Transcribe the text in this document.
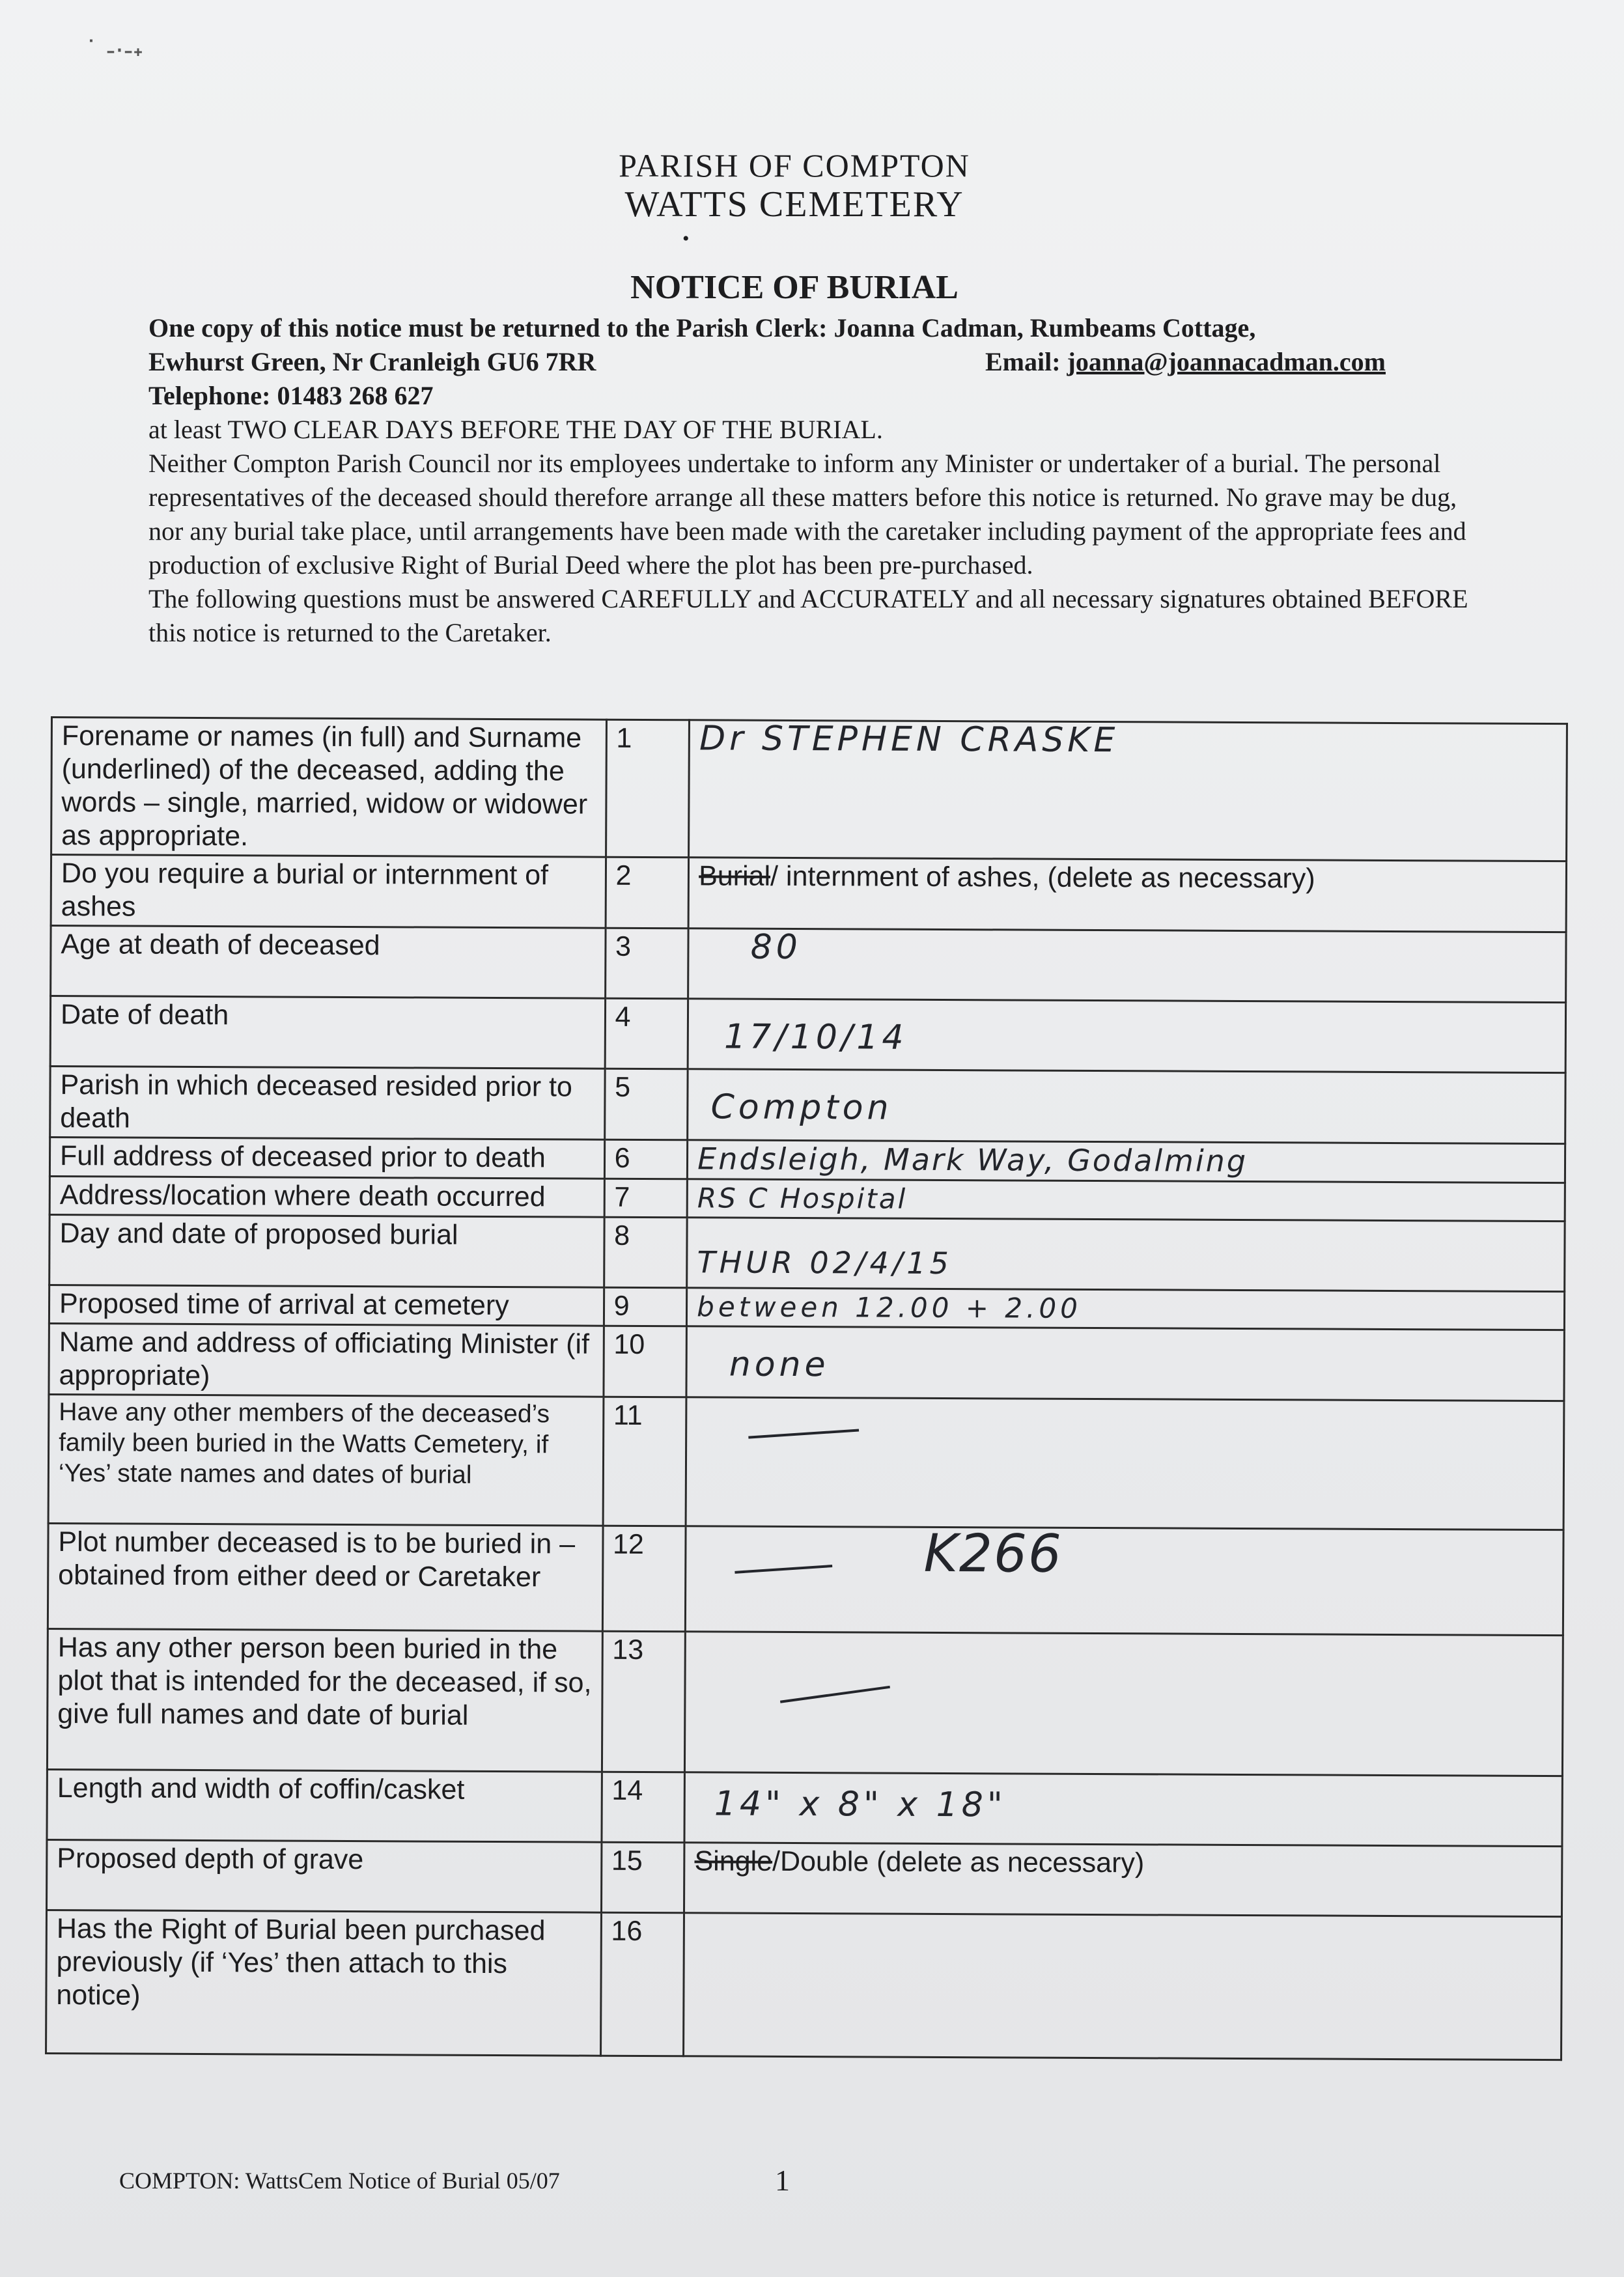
˙ -·-˖
PARISH OF COMPTON
WATTS CEMETERY
•
NOTICE OF BURIAL
One copy of this notice must be returned to the Parish Clerk: Joanna Cadman, Rumbeams Cottage,
Ewhurst Green, Nr Cranleigh GU6 7RR	Email: joanna@joannacadman.com
Telephone: 01483 268 627
at least TWO CLEAR DAYS BEFORE THE DAY OF THE BURIAL.
Neither Compton Parish Council nor its employees undertake to inform any Minister or undertaker of a burial. The personal representatives of the deceased should therefore arrange all these matters before this notice is returned. No grave may be dug, nor any burial take place, until arrangements have been made with the caretaker including payment of the appropriate fees and production of exclusive Right of Burial Deed where the plot has been pre-purchased.
The following questions must be answered CAREFULLY and ACCURATELY and all necessary signatures obtained BEFORE this notice is returned to the Caretaker.
Forename or names (in full) and Surname (underlined) of the deceased, adding the words – single, married, widow or widower as appropriate.	1	Dr STEPHEN CRASKE
Do you require a burial or internment of ashes	2	Burial/ internment of ashes, (delete as necessary)
Age at death of deceased	3	80
Date of death	4	17/10/14
Parish in which deceased resided prior to death	5	Compton
Full address of deceased prior to death	6	Endsleigh, Mark Way, Godalming
Address/location where death occurred	7	RS C Hospital
Day and date of proposed burial	8	THUR 02/4/15
Proposed time of arrival at cemetery	9	between 12.00 + 2.00
Name and address of officiating Minister (if appropriate)	10	none
Have any other members of the deceased’s family been buried in the Watts Cemetery, if ‘Yes’ state names and dates of burial	11	
Plot number deceased is to be buried in – obtained from either deed or Caretaker	12	K266
Has any other person been buried in the plot that is intended for the deceased, if so, give full names and date of burial	13	
Length and width of coffin/casket	14	14" x 8" x 18"
Proposed depth of grave	15	Single/Double (delete as necessary)
Has the Right of Burial been purchased previously (if ‘Yes’ then attach to this notice)	16	
COMPTON: WattsCem Notice of Burial 05/07	1
